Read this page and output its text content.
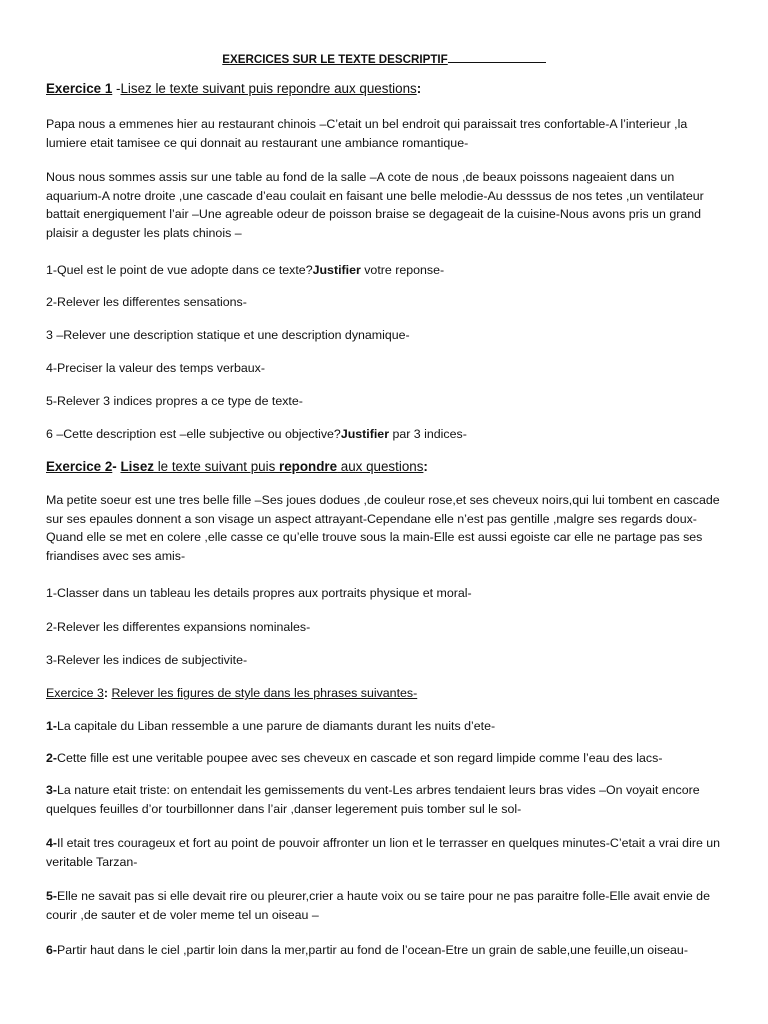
EXERCICES SUR LE TEXTE DESCRIPTIF

Exercice 1 -Lisez le texte suivant puis repondre aux questions:

Papa nous a emmenes hier au restaurant chinois –C’etait un bel endroit qui paraissait tres confortable-A l’interieur ,la lumiere etait tamisee ce qui donnait au restaurant une ambiance romantique-

Nous nous sommes assis sur une table au fond de la salle –A cote de nous ,de beaux poissons nageaient dans un aquarium-A notre droite ,une cascade d’eau coulait en faisant une belle melodie-Au desssus de nos tetes ,un ventilateur battait energiquement l’air –Une agreable odeur de poisson braise se degageait de la cuisine-Nous avons pris un grand plaisir a deguster les plats chinois –

1-Quel est le point de vue adopte dans ce texte?Justifier votre reponse-

2-Relever les differentes sensations-

3 –Relever une description statique et une description dynamique-

4-Preciser la valeur des temps verbaux-

5-Relever 3 indices propres a ce type de texte-

6 –Cette description est –elle subjective ou objective?Justifier par 3 indices-

Exercice 2- Lisez le texte suivant puis repondre aux questions:

Ma petite soeur est une tres belle fille –Ses joues dodues ,de couleur rose,et ses cheveux noirs,qui lui tombent en cascade sur ses epaules donnent a son visage un aspect attrayant-Cependane elle n’est pas gentille ,malgre ses regards doux-Quand elle se met en colere ,elle casse ce qu’elle trouve sous la main-Elle est aussi egoiste car elle ne partage pas ses friandises avec ses amis-

1-Classer dans un tableau les details propres aux portraits physique et moral-

2-Relever les differentes expansions nominales-

3-Relever les indices de subjectivite-

Exercice 3: Relever les figures de style dans les phrases suivantes-

1-La capitale du Liban ressemble a une parure de diamants durant les nuits d’ete-

2-Cette fille est une veritable poupee avec ses cheveux en cascade et son regard limpide comme l’eau des lacs-

3-La nature etait triste: on entendait les gemissements du vent-Les arbres tendaient leurs bras vides –On voyait encore quelques feuilles d’or tourbillonner dans l’air ,danser legerement puis tomber sul le sol-

4-Il etait tres courageux et fort au point de pouvoir affronter un lion et le terrasser en quelques minutes-C’etait a vrai dire un veritable Tarzan-

5-Elle ne savait pas si elle devait rire ou pleurer,crier a haute voix ou se taire pour ne pas paraitre folle-Elle avait envie de courir ,de sauter et de voler meme tel un oiseau –

6-Partir haut dans le ciel ,partir loin dans la mer,partir au fond de l’ocean-Etre un grain de sable,une feuille,un oiseau-
